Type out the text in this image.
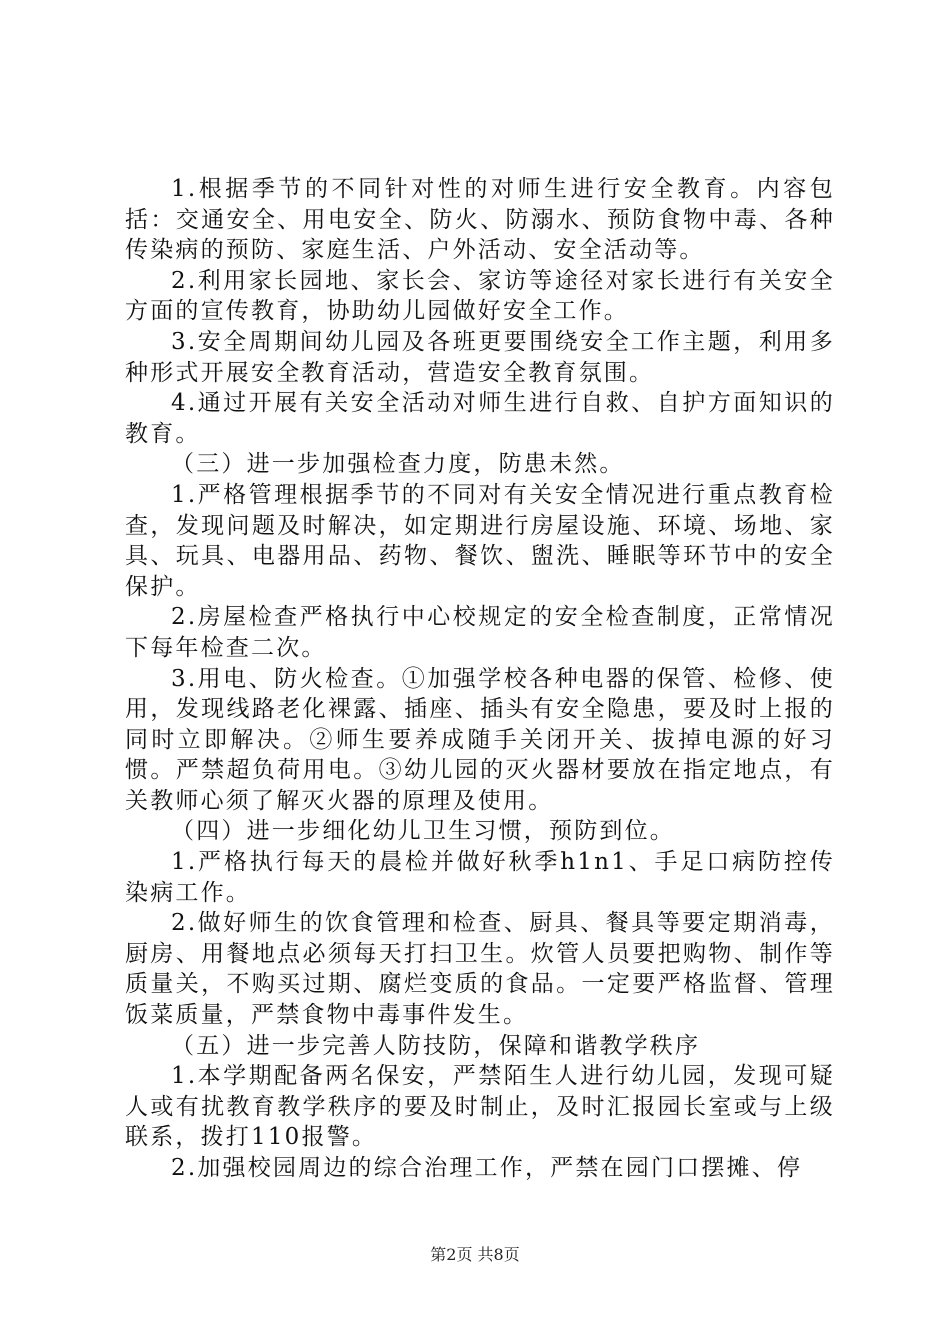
1.根据季节的不同针对性的对师生进行安全教育。内容包括：交通安全、用电安全、防火、防溺水、预防食物中毒、各种传染病的预防、家庭生活、户外活动、安全活动等。

2.利用家长园地、家长会、家访等途径对家长进行有关安全方面的宣传教育，协助幼儿园做好安全工作。

3.安全周期间幼儿园及各班更要围绕安全工作主题，利用多种形式开展安全教育活动，营造安全教育氛围。

4.通过开展有关安全活动对师生进行自救、自护方面知识的教育。

（三）进一步加强检查力度，防患未然。

1.严格管理根据季节的不同对有关安全情况进行重点教育检查，发现问题及时解决，如定期进行房屋设施、环境、场地、家具、玩具、电器用品、药物、餐饮、盥洗、睡眠等环节中的安全保护。

2.房屋检查严格执行中心校规定的安全检查制度，正常情况下每年检查二次。

3.用电、防火检查。①加强学校各种电器的保管、检修、使用，发现线路老化裸露、插座、插头有安全隐患，要及时上报的同时立即解决。②师生要养成随手关闭开关、拔掉电源的好习惯。严禁超负荷用电。③幼儿园的灭火器材要放在指定地点，有关教师心须了解灭火器的原理及使用。

（四）进一步细化幼儿卫生习惯，预防到位。

1.严格执行每天的晨检并做好秋季h1n1、手足口病防控传染病工作。

2.做好师生的饮食管理和检查、厨具、餐具等要定期消毒，厨房、用餐地点必须每天打扫卫生。炊管人员要把购物、制作等质量关，不购买过期、腐烂变质的食品。一定要严格监督、管理饭菜质量，严禁食物中毒事件发生。

（五）进一步完善人防技防，保障和谐教学秩序

1.本学期配备两名保安，严禁陌生人进行幼儿园，发现可疑人或有扰教育教学秩序的要及时制止，及时汇报园长室或与上级联系，拨打110报警。

2.加强校园周边的综合治理工作，严禁在园门口摆摊、停

第2页 共8页
